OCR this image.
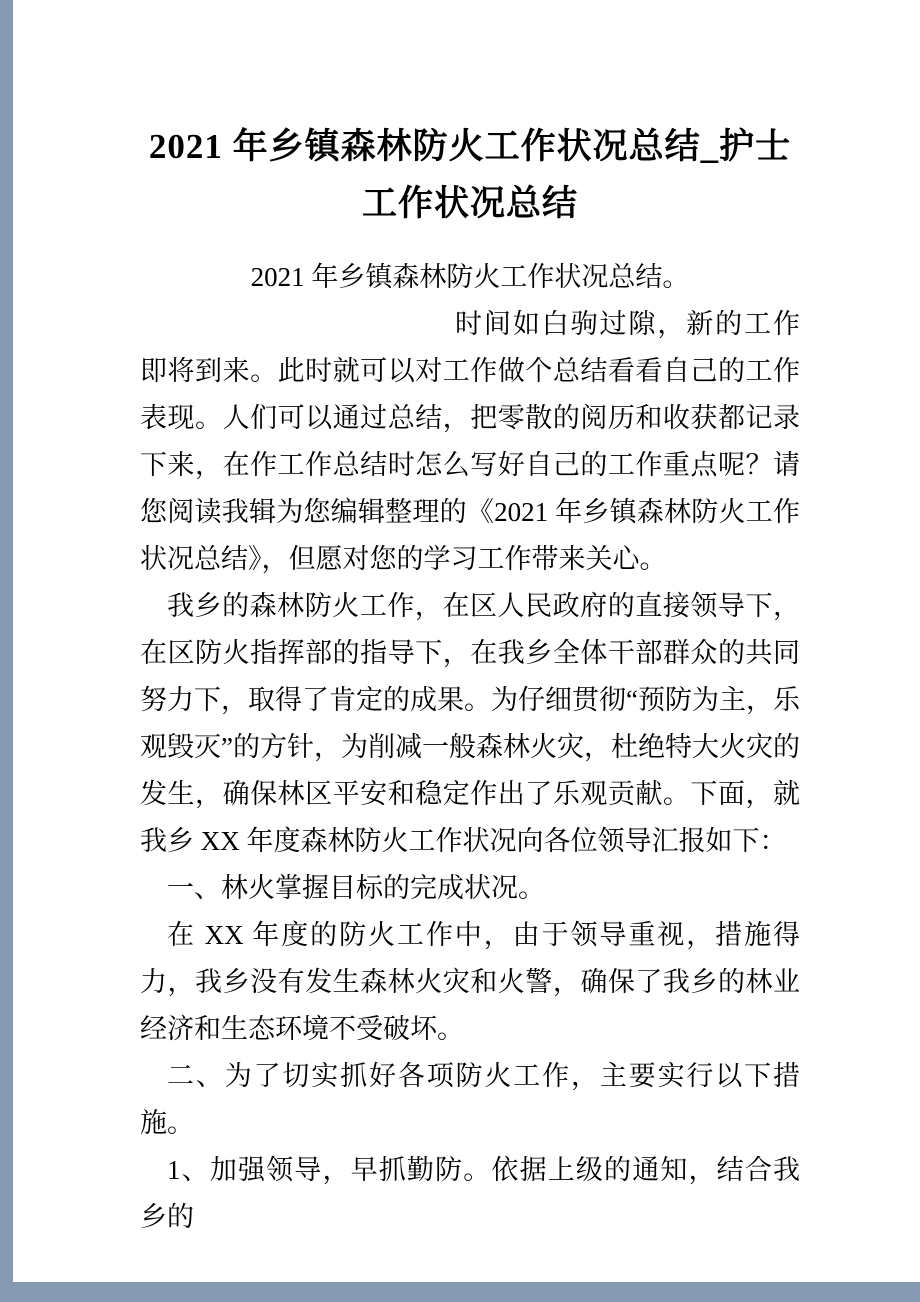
2021 年乡镇森林防火工作状况总结_护士工作状况总结

2021 年乡镇森林防火工作状况总结。

时间如白驹过隙，新的工作即将到来。此时就可以对工作做个总结看看自己的工作表现。人们可以通过总结，把零散的阅历和收获都记录下来，在作工作总结时怎么写好自己的工作重点呢？请您阅读我辑为您编辑整理的《2021 年乡镇森林防火工作状况总结》，但愿对您的学习工作带来关心。

我乡的森林防火工作，在区人民政府的直接领导下，在区防火指挥部的指导下，在我乡全体干部群众的共同努力下，取得了肯定的成果。为仔细贯彻“预防为主，乐观毁灭”的方针，为削减一般森林火灾，杜绝特大火灾的发生，确保林区平安和稳定作出了乐观贡献。下面，就我乡 XX 年度森林防火工作状况向各位领导汇报如下：

一、林火掌握目标的完成状况。

在 XX 年度的防火工作中，由于领导重视，措施得力，我乡没有发生森林火灾和火警，确保了我乡的林业经济和生态环境不受破坏。

二、为了切实抓好各项防火工作，主要实行以下措施。

1、加强领导，早抓勤防。依据上级的通知，结合我乡的
